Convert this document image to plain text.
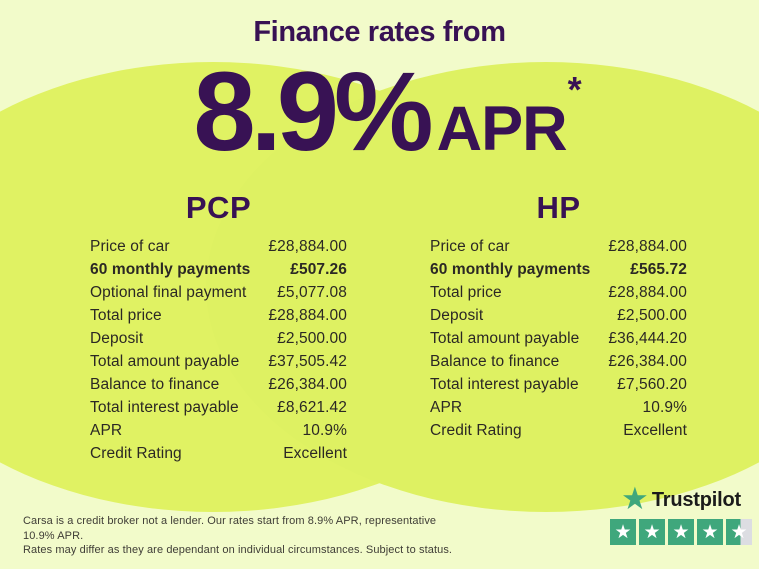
Finance rates from
8.9% APR*
PCP
Price of car	£28,884.00
60 monthly payments	£507.26
Optional final payment £5,077.08
Total price	£28,884.00
Deposit	£2,500.00
Total amount payable £37,505.42
Balance to finance	£26,384.00
Total interest payable £8,621.42
APR	10.9%
Credit Rating	Excellent
HP
Price of car	£28,884.00
60 monthly payments	£565.72
Total price	£28,884.00
Deposit	£2,500.00
Total amount payable £36,444.20
Balance to finance	£26,384.00
Total interest payable £7,560.20
APR	10.9%
Credit Rating	Excellent

Carsa is a credit broker not a lender. Our rates start from 8.9% APR, representative 10.9% APR.
Rates may differ as they are dependant on individual circumstances. Subject to status.

★ Trustpilot
★ ★ ★ ★ ★
